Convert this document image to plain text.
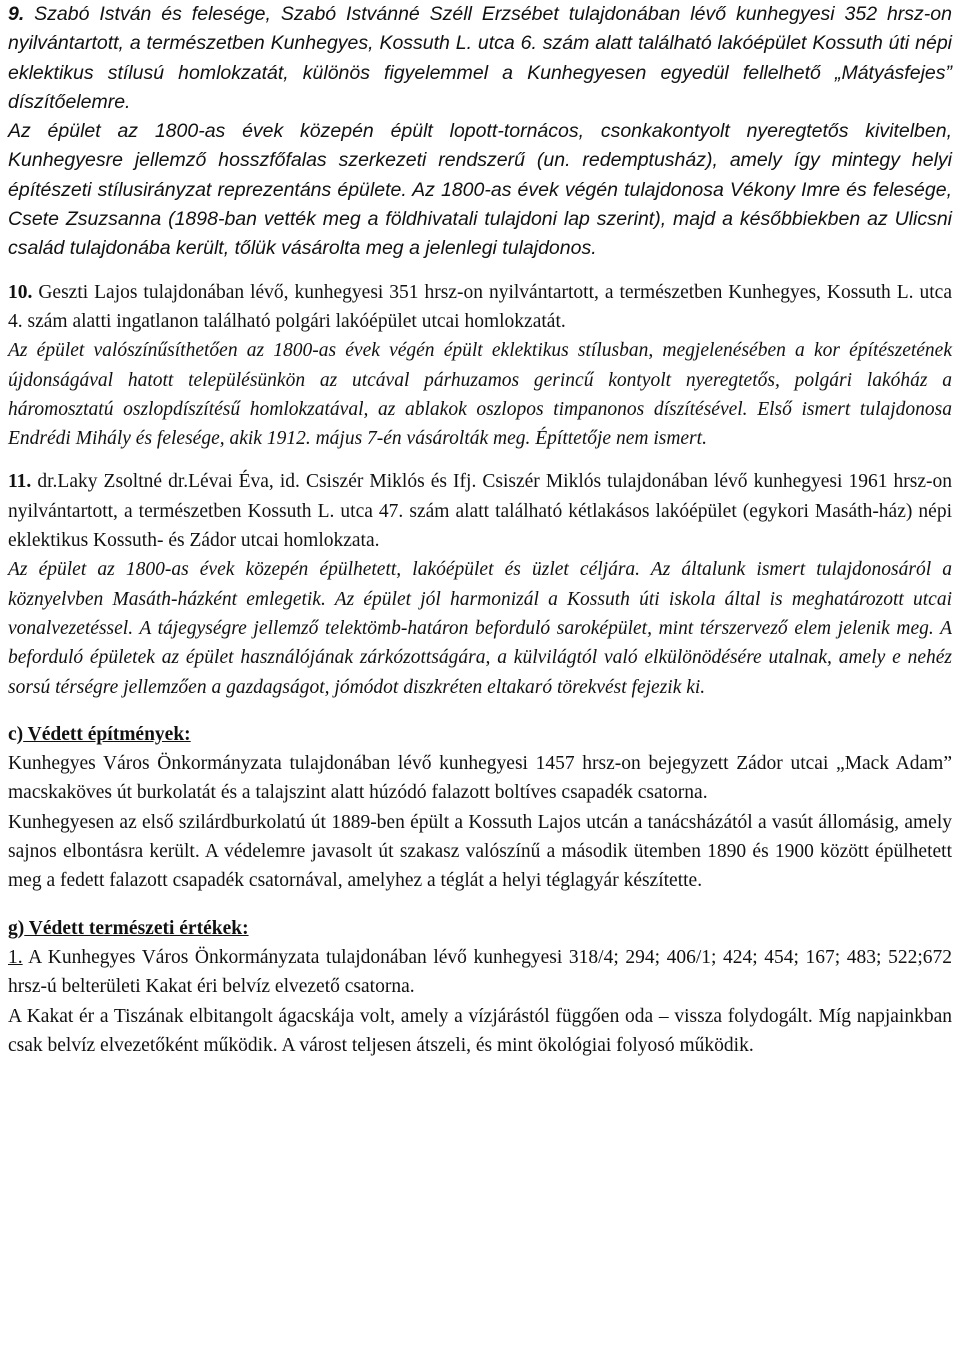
9. Szabó István és felesége, Szabó Istvánné Széll Erzsébet tulajdonában lévő kunhegyesi 352 hrsz-on nyilvántartott, a természetben Kunhegyes, Kossuth L. utca 6. szám alatt található lakóépület Kossuth úti népi eklektikus stílusú homlokzatát, különös figyelemmel a Kunhegyesen egyedül fellelhető „Mátyásfejes” díszítőelemre.

Az épület az 1800-as évek közepén épült lopott-tornácos, csonkakontyolt nyeregtetős kivitelben, Kunhegyesre jellemző hosszfőfalas szerkezeti rendszerű (un. redemptusház), amely így mintegy helyi építészeti stílusirányzat reprezentáns épülete. Az 1800-as évek végén tulajdonosa Vékony Imre és felesége, Csete Zsuzsanna (1898-ban vették meg a földhivatali tulajdoni lap szerint), majd a későbbiekben az Ulicsni család tulajdonába került, tőlük vásárolta meg a jelenlegi tulajdonos.

10. Geszti Lajos tulajdonában lévő, kunhegyesi 351 hrsz-on nyilvántartott, a természetben Kunhegyes, Kossuth L. utca 4. szám alatti ingatlanon található polgári lakóépület utcai homlokzatát.

Az épület valószínűsíthetően az 1800-as évek végén épült eklektikus stílusban, megjelenésében a kor építészetének újdonságával hatott településünkön az utcával párhuzamos gerincű kontyolt nyeregtetős, polgári lakóház a háromosztatú oszlopdíszítésű homlokzatával, az ablakok oszlopos timpanonos díszítésével. Első ismert tulajdonosa Endrédi Mihály és felesége, akik 1912. május 7-én vásárolták meg. Építtetője nem ismert.

11. dr.Laky Zsoltné dr.Lévai Éva, id. Csiszér Miklós és Ifj. Csiszér Miklós tulajdonában lévő kunhegyesi 1961 hrsz-on nyilvántartott, a természetben Kossuth L. utca 47. szám alatt található kétlakásos lakóépület (egykori Masáth-ház) népi eklektikus Kossuth- és Zádor utcai homlokzata.

Az épület az 1800-as évek közepén épülhetett, lakóépület és üzlet céljára. Az általunk ismert tulajdonosáról a köznyelvben Masáth-házként emlegetik. Az épület jól harmonizál a Kossuth úti iskola által is meghatározott utcai vonalvezetéssel. A tájegységre jellemző telektömb-határon beforduló saroképület, mint térszervező elem jelenik meg. A beforduló épületek az épület használójának zárkózottságára, a külvilágtól való elkülönödésére utalnak, amely e nehéz sorsú térségre jellemzően a gazdagságot, jómódot diszkréten eltakaró törekvést fejezik ki.

c) Védett építmények:

Kunhegyes Város Önkormányzata tulajdonában lévő kunhegyesi 1457 hrsz-on bejegyzett Zádor utcai „Mack Adam” macskaköves út burkolatát és a talajszint alatt húzódó falazott boltíves csapadék csatorna.

Kunhegyesen az első szilárdburkolatú út 1889-ben épült a Kossuth Lajos utcán a tanácsházától a vasút állomásig, amely sajnos elbontásra került. A védelemre javasolt út szakasz valószínű a második ütemben 1890 és 1900 között épülhetett meg a fedett falazott csapadék csatornával, amelyhez a téglát a helyi téglagyár készítette.

g) Védett természeti értékek:

1. A Kunhegyes Város Önkormányzata tulajdonában lévő kunhegyesi 318/4; 294; 406/1; 424; 454; 167; 483; 522;672 hrsz-ú belterületi Kakat éri belvíz elvezető csatorna.

A Kakat ér a Tiszának elbitangolt ágacskája volt, amely a vízjárástól függően oda – vissza folydogált. Míg napjainkban csak belvíz elvezetőként működik. A várost teljesen átszeli, és mint ökológiai folyosó működik.
